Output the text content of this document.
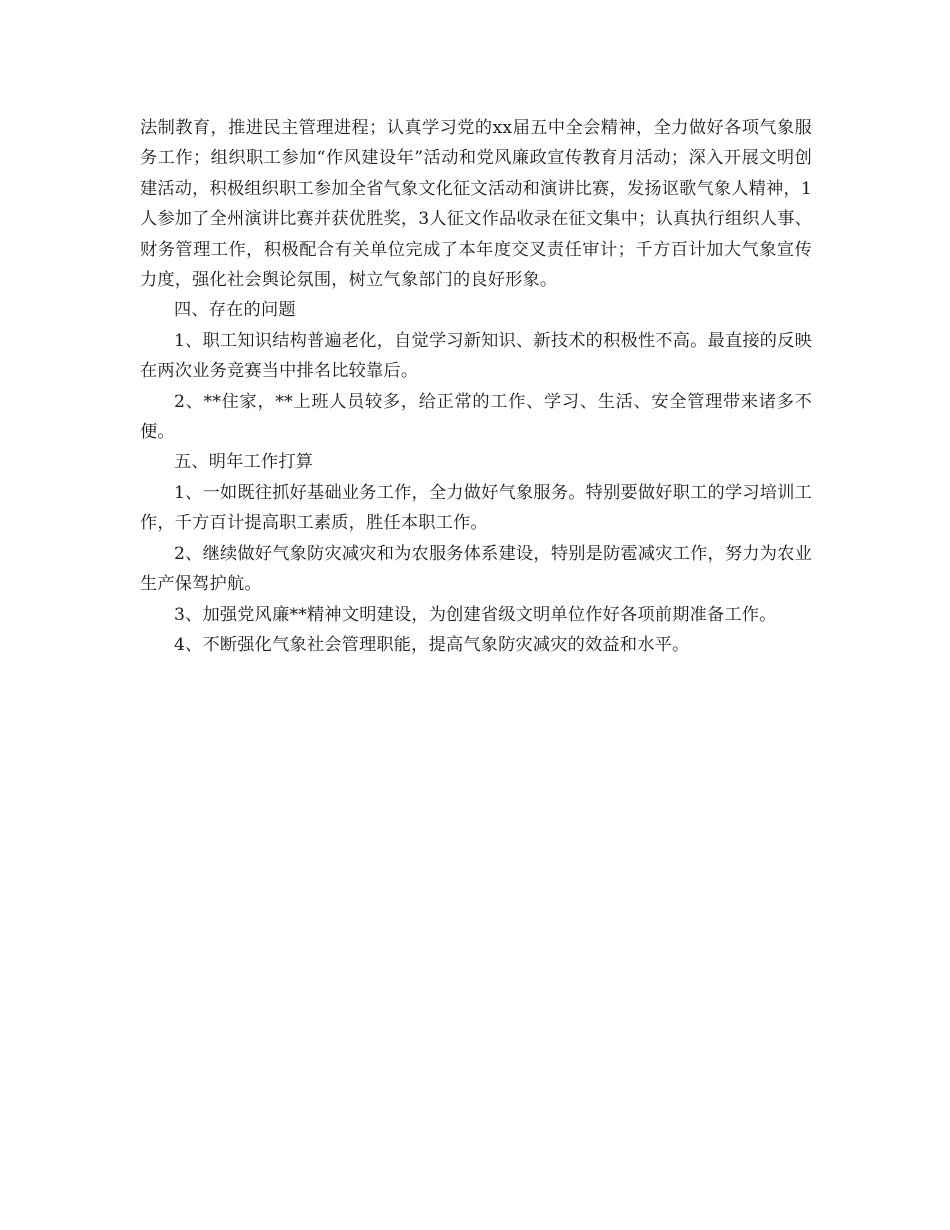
法制教育，推进民主管理进程；认真学习党的xx届五中全会精神，全力做好各项气象服务工作；组织职工参加“作风建设年”活动和党风廉政宣传教育月活动；深入开展文明创建活动，积极组织职工参加全省气象文化征文活动和演讲比赛，发扬讴歌气象人精神，1人参加了全州演讲比赛并获优胜奖，3人征文作品收录在征文集中；认真执行组织人事、财务管理工作，积极配合有关单位完成了本年度交叉责任审计；千方百计加大气象宣传力度，强化社会舆论氛围，树立气象部门的良好形象。

四、存在的问题

1、职工知识结构普遍老化，自觉学习新知识、新技术的积极性不高。最直接的反映在两次业务竞赛当中排名比较靠后。

2、**住家，**上班人员较多，给正常的工作、学习、生活、安全管理带来诸多不便。

五、明年工作打算

1、一如既往抓好基础业务工作，全力做好气象服务。特别要做好职工的学习培训工作，千方百计提高职工素质，胜任本职工作。

2、继续做好气象防灾减灾和为农服务体系建设，特别是防雹减灾工作，努力为农业生产保驾护航。

3、加强党风廉**精神文明建设，为创建省级文明单位作好各项前期准备工作。

4、不断强化气象社会管理职能，提高气象防灾减灾的效益和水平。
